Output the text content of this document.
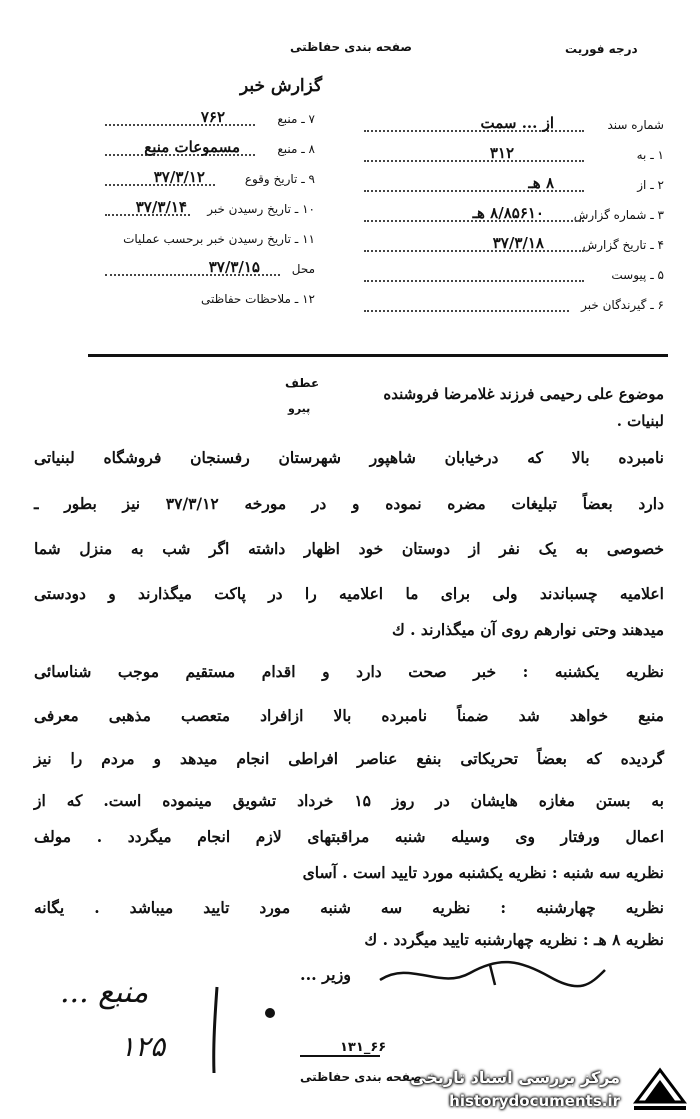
صفحه بندی حفاظتی	درجه فوریت
گزارش خبر
شماره سند
از ... سمت
۱ ـ به
۳۱۲
۲ ـ از
۸ هـ
۳ ـ شماره گزارش
۸/۸۵۶۱۰ هـ
۴ ـ تاریخ گزارش
۳۷/۳/۱۸
۵ ـ پیوست
۶ ـ گیرندگان خبر
۷ ـ منبع
۷۶۲
۸ ـ منبع
مسموعات منبع
۹ ـ تاریخ وقوع
۳۷/۳/۱۲
۱۰ ـ تاریخ رسیدن خبر
۳۷/۳/۱۴
۱۱ ـ تاریخ رسیدن خبر برحسب عملیات
محل
۳۷/۳/۱۵
۱۲ ـ ملاحظات حفاظتی
موضوع علی رحیمی فرزند غلامرضا فروشنده
لبنیات .
عطف
پیرو
نامبرده بالا که درخیابان شاهپور شهرستان رفسنجان فروشگاه لبنیاتی
دارد بعضاً تبلیغات مضره نموده و در مورخه ۳۷/۳/۱۲ نیز بطور ـ
خصوصی به یک نفر از دوستان خود اظهار داشته اگر شب به منزل شما
اعلامیه چسباندند ولی برای ما اعلامیه را در پاکت میگذارند و دودستی
میدهند وحتی نوارهم روی آن میگذارند . ك
نظریه یکشنبه : خبر صحت دارد و اقدام مستقیم موجب شناسائی
منبع خواهد شد ضمناً نامبرده بالا ازافراد متعصب مذهبی معرفی
گردیده که بعضاً تحریکاتی بنفع عناصر افراطی انجام میدهد و مردم را نیز
به بستن مغازه هایشان در روز ۱۵ خرداد تشویق مینموده است. که از
اعمال ورفتار وی وسیله شنبه مراقبتهای لازم انجام میگردد . مولف
نظریه سه شنبه : نظریه یکشنبه مورد تایید است . آسای
نظریه چهارشنبه : نظریه سه شنبه مورد تایید میباشد . یگانه
نظریه ۸ هـ : نظریه چهارشنبه تایید میگردد . ك
وزیر ...
منبع ...
۱۲۵	۶۶_۱۳۱
صفحه بندی حفاظتی
مرکز بررسی اسناد تاریخی
historydocuments.ir
